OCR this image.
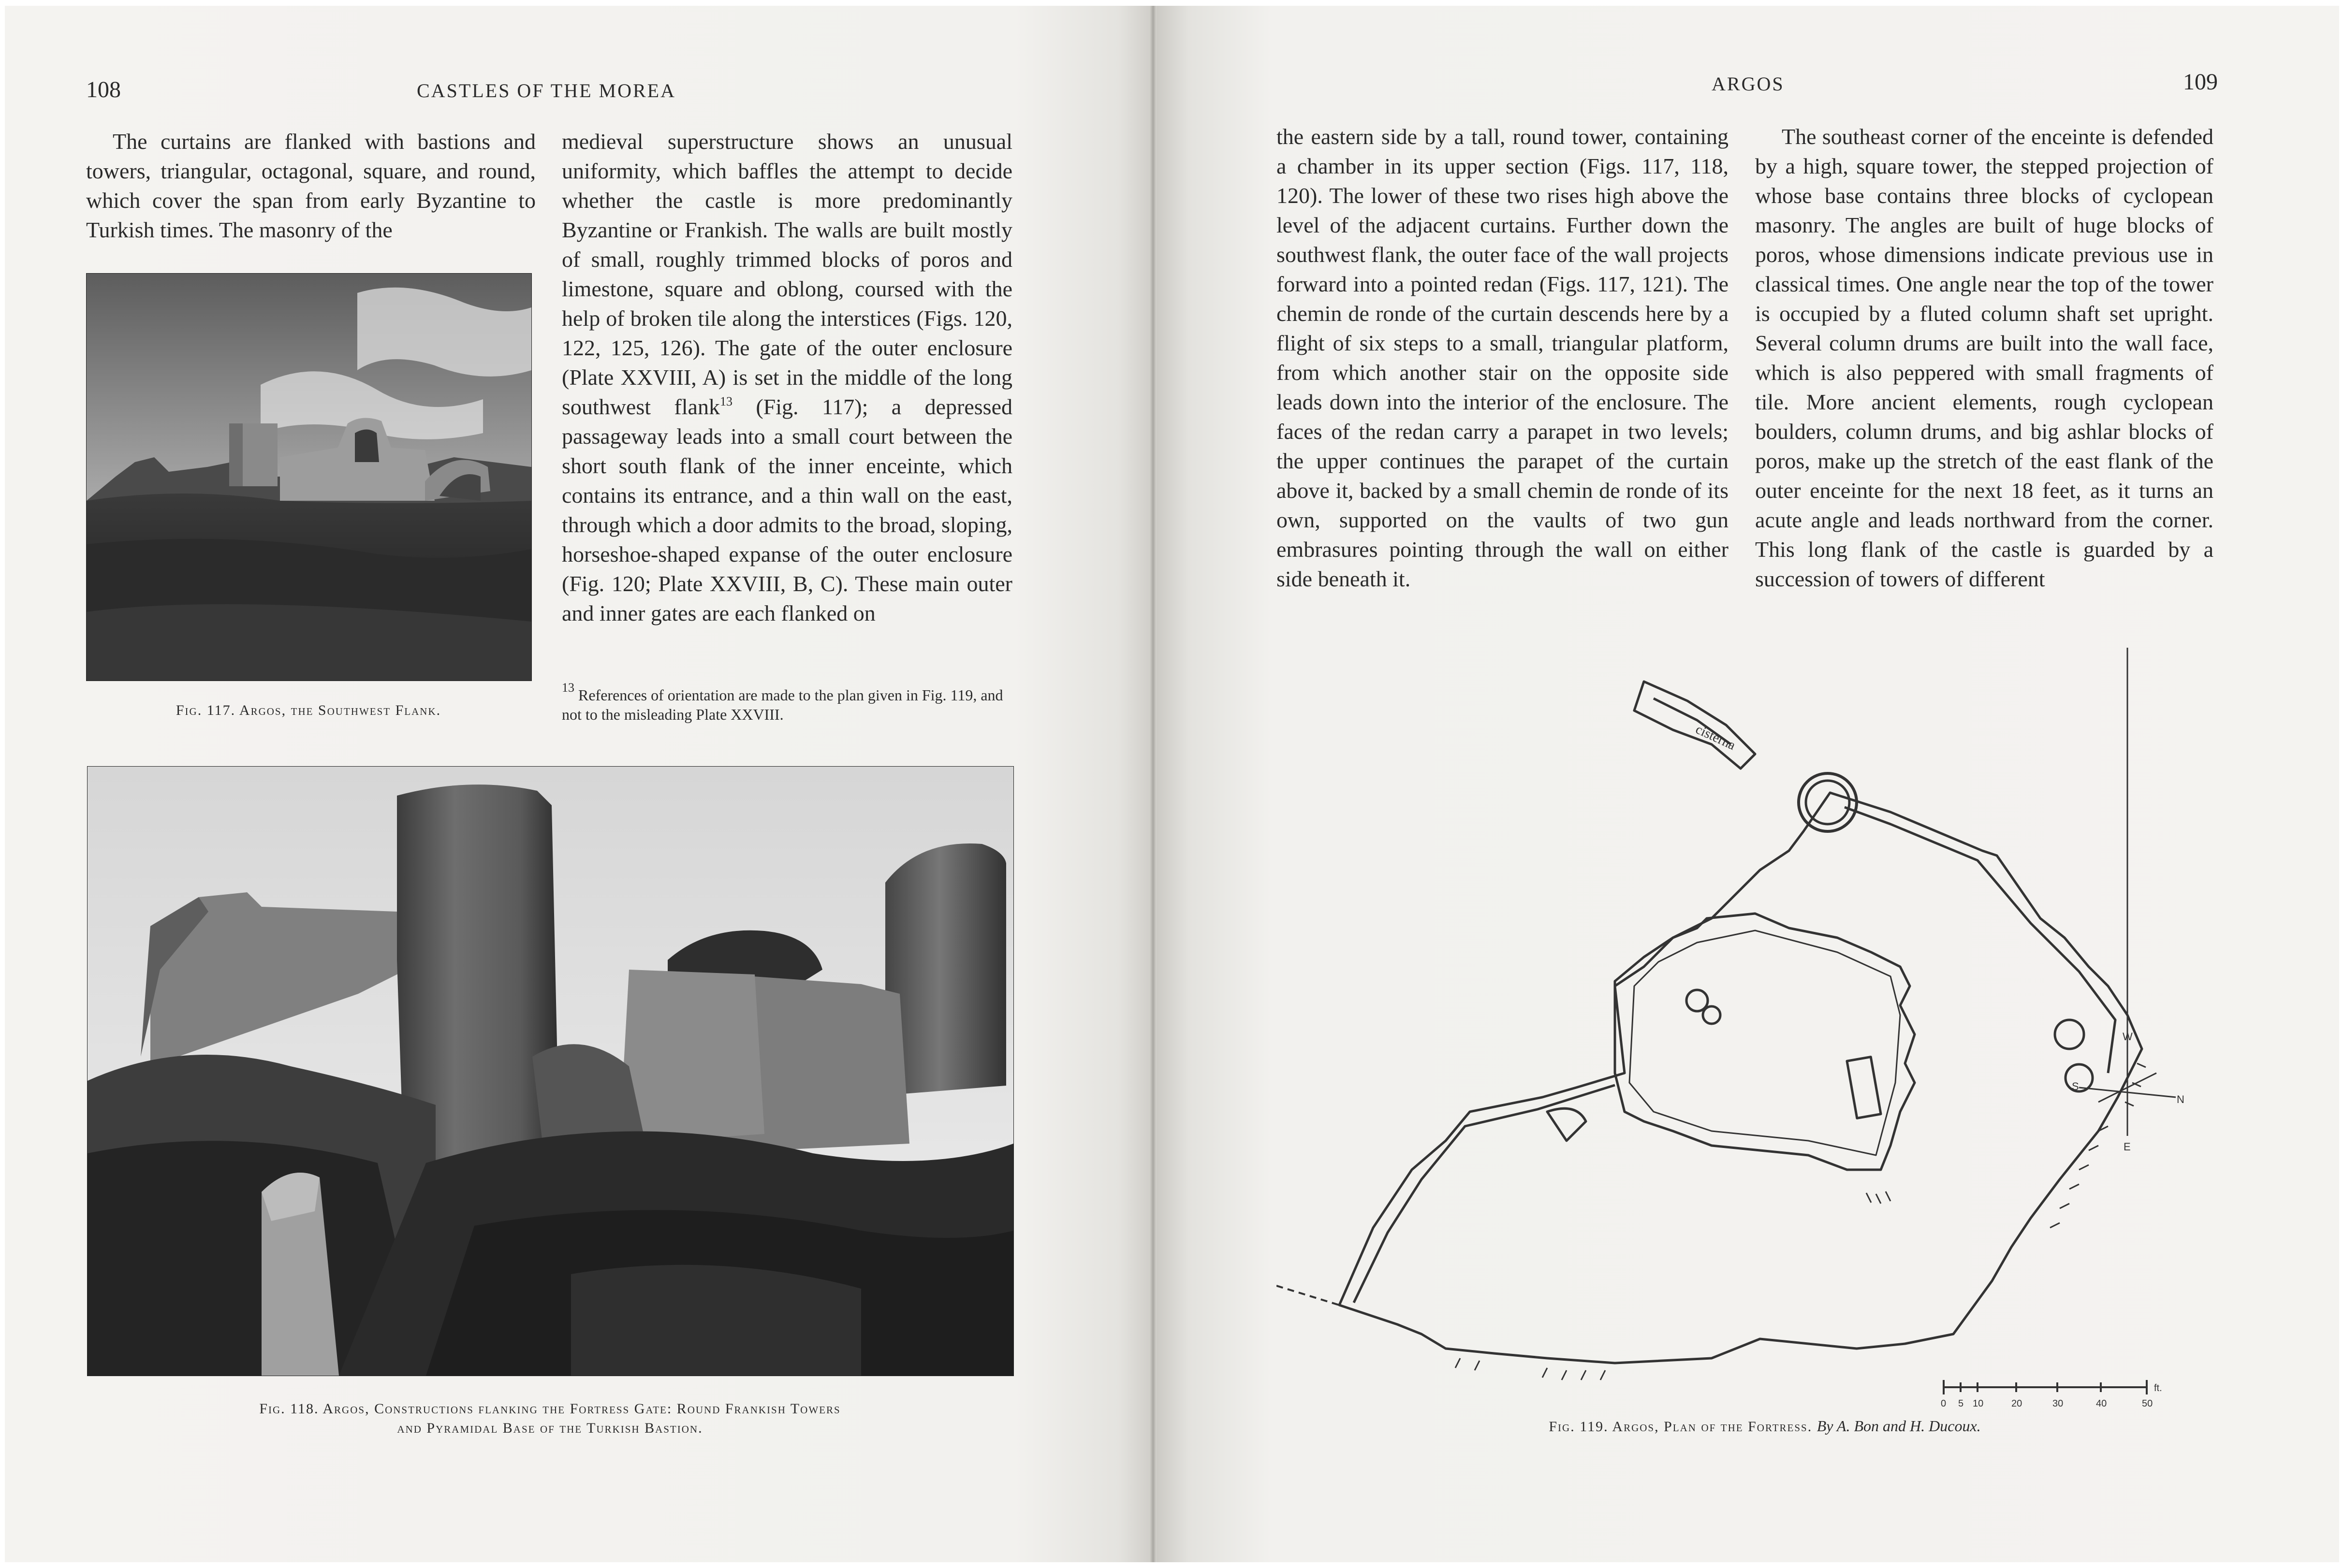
108	CASTLES OF THE MOREA

The curtains are flanked with bastions and towers, triangular, octagonal, square, and round, which cover the span from early Byzantine to Turkish times. The masonry of the

medieval superstructure shows an unusual uniformity, which baffles the attempt to decide whether the castle is more predominantly Byzantine or Frankish. The walls are built mostly of small, roughly trimmed blocks of poros and limestone, square and oblong, coursed with the help of broken tile along the interstices (Figs. 120, 122, 125, 126). The gate of the outer enclosure (Plate XXVIII, A) is set in the middle of the long southwest flank$^{13}$ (Fig. 117); a depressed passageway leads into a small court between the short south flank of the inner enceinte, which contains its entrance, and a thin wall on the east, through which a door admits to the broad, sloping, horseshoe-shaped expanse of the outer enclosure (Fig. 120; Plate XXVIII, B, C). These main outer and inner gates are each flanked on

Fig. 117. Argos, the Southwest Flank.
$^{13}$ References of orientation are made to the plan given in Fig. 119, and not to the misleading Plate XXVIII.
Fig. 118. Argos, Constructions flanking the Fortress Gate: Round Frankish Towers
and Pyramidal Base of the Turkish Bastion.
ARGOS	109

the eastern side by a tall, round tower, containing a chamber in its upper section (Figs. 117, 118, 120). The lower of these two rises high above the level of the adjacent curtains. Further down the southwest flank, the outer face of the wall projects forward into a pointed redan (Figs. 117, 121). The chemin de ronde of the curtain descends here by a flight of six steps to a small, triangular platform, from which another stair on the opposite side leads down into the interior of the enclosure. The faces of the redan carry a parapet in two levels; the upper continues the parapet of the curtain above it, backed by a small chemin de ronde of its own, supported on the vaults of two gun embrasures pointing through the wall on either side beneath it.

The southeast corner of the enceinte is defended by a high, square tower, the stepped projection of whose base contains three blocks of cyclopean masonry. The angles are built of huge blocks of poros, whose dimensions indicate previous use in classical times. One angle near the top of the tower is occupied by a fluted column shaft set upright. Several column drums are built into the wall face, which is also peppered with small fragments of tile. More ancient elements, rough cyclopean boulders, column drums, and big ashlar blocks of poros, make up the stretch of the east flank of the outer enceinte for the next 18 feet, as it turns an acute angle and leads northward from the corner. This long flank of the castle is guarded by a succession of towers of different

cisterna
W
S
N
E
0 5 10	20	30	40	50
ft.
Fig. 119. Argos, Plan of the Fortress. By A. Bon and H. Ducoux.
